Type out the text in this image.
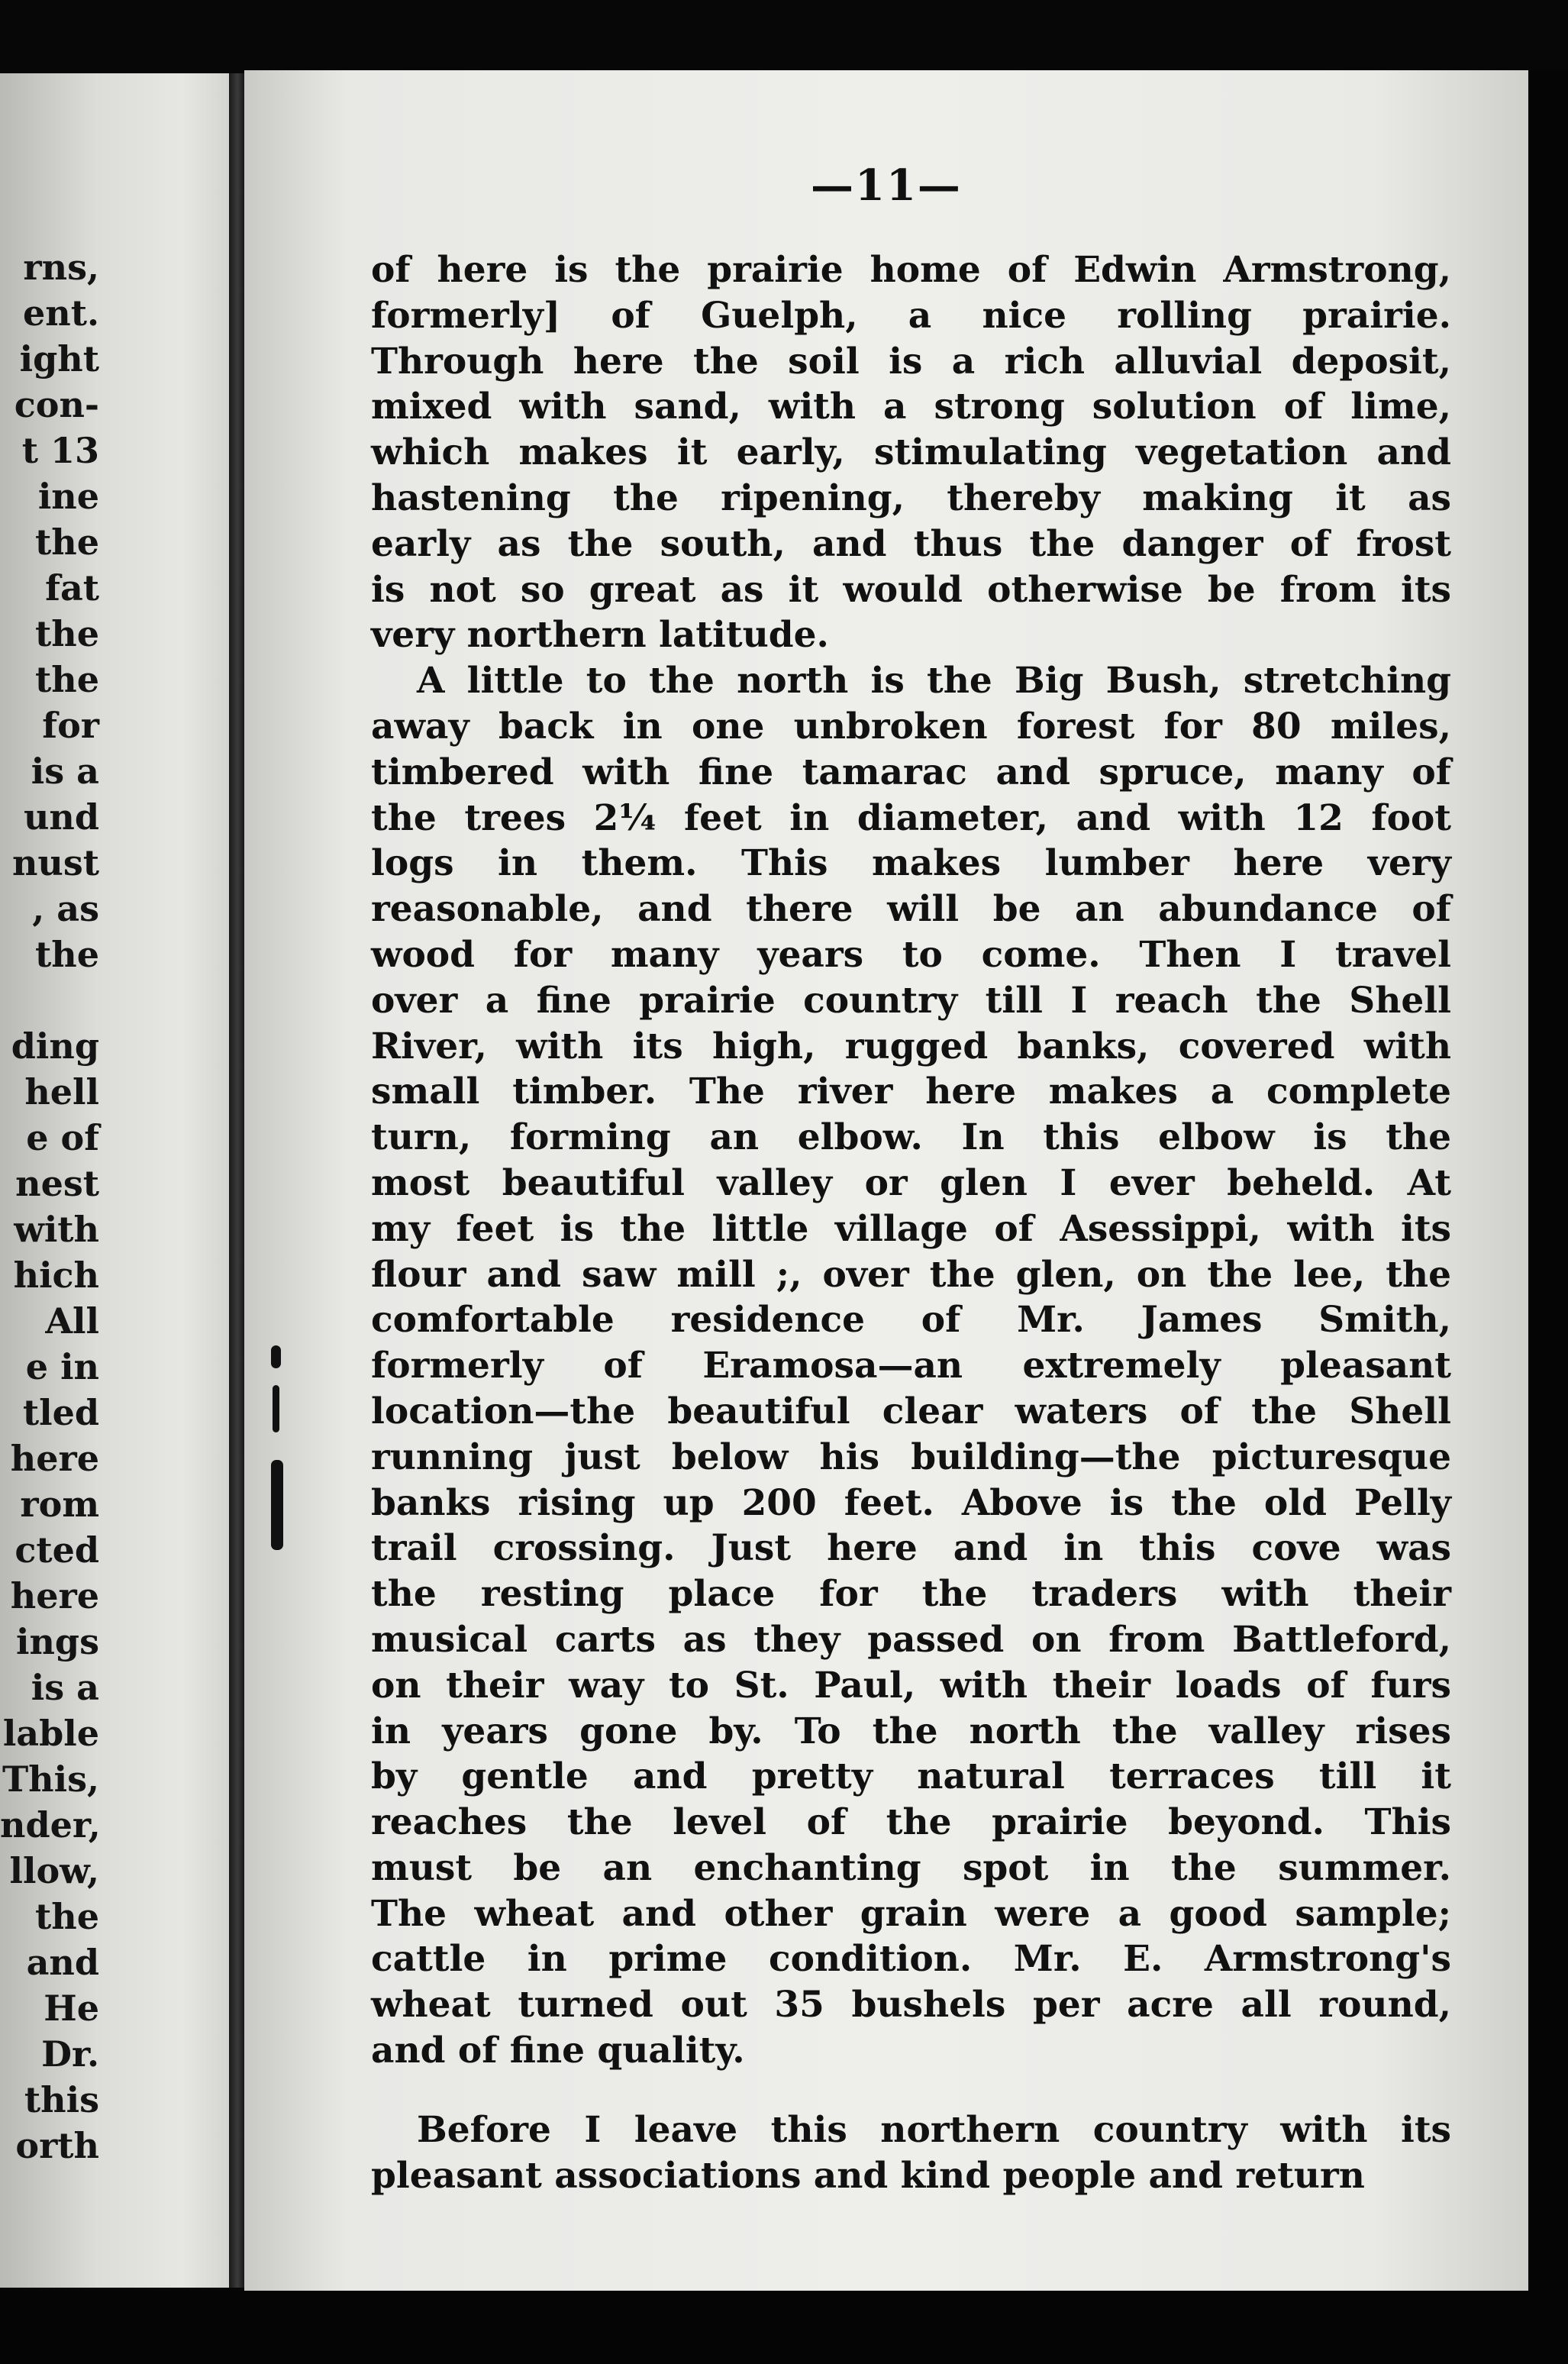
rns,
ent.
ight
con-
t 13
ine
the
fat
the
the
for
is a
und
nust
, as
the
ding
hell
e of
nest
with
hich
All
e in
tled
here
rom
cted
here
ings
is a
lable
This,
nder,
llow,
the
and
He
Dr.
this
orth
—11—
of here is the prairie home of Edwin Armstrong,
formerly] of Guelph, a nice rolling prairie.
Through here the soil is a rich alluvial deposit,
mixed with sand, with a strong solution of lime,
which makes it early, stimulating vegetation and
hastening the ripening, thereby making it as
early as the south, and thus the danger of frost
is not so great as it would otherwise be from its
very northern latitude.
A little to the north is the Big Bush, stretching
away back in one unbroken forest for 80 miles,
timbered with fine tamarac and spruce, many of
the trees 2¼ feet in diameter, and with 12 foot
logs in them. This makes lumber here very
reasonable, and there will be an abundance of
wood for many years to come. Then I travel
over a fine prairie country till I reach the Shell
River, with its high, rugged banks, covered with
small timber. The river here makes a complete
turn, forming an elbow. In this elbow is the
most beautiful valley or glen I ever beheld. At
my feet is the little village of Asessippi, with its
flour and saw mill ;, over the glen, on the lee, the
comfortable residence of Mr. James Smith,
formerly of Eramosa—an extremely pleasant
location—the beautiful clear waters of the Shell
running just below his building—the picturesque
banks rising up 200 feet. Above is the old Pelly
trail crossing. Just here and in this cove was
the resting place for the traders with their
musical carts as they passed on from Battleford,
on their way to St. Paul, with their loads of furs
in years gone by. To the north the valley rises
by gentle and pretty natural terraces till it
reaches the level of the prairie beyond. This
must be an enchanting spot in the summer.
The wheat and other grain were a good sample;
cattle in prime condition. Mr. E. Armstrong's
wheat turned out 35 bushels per acre all round,
and of fine quality.
Before I leave this northern country with its
pleasant associations and kind people and return
